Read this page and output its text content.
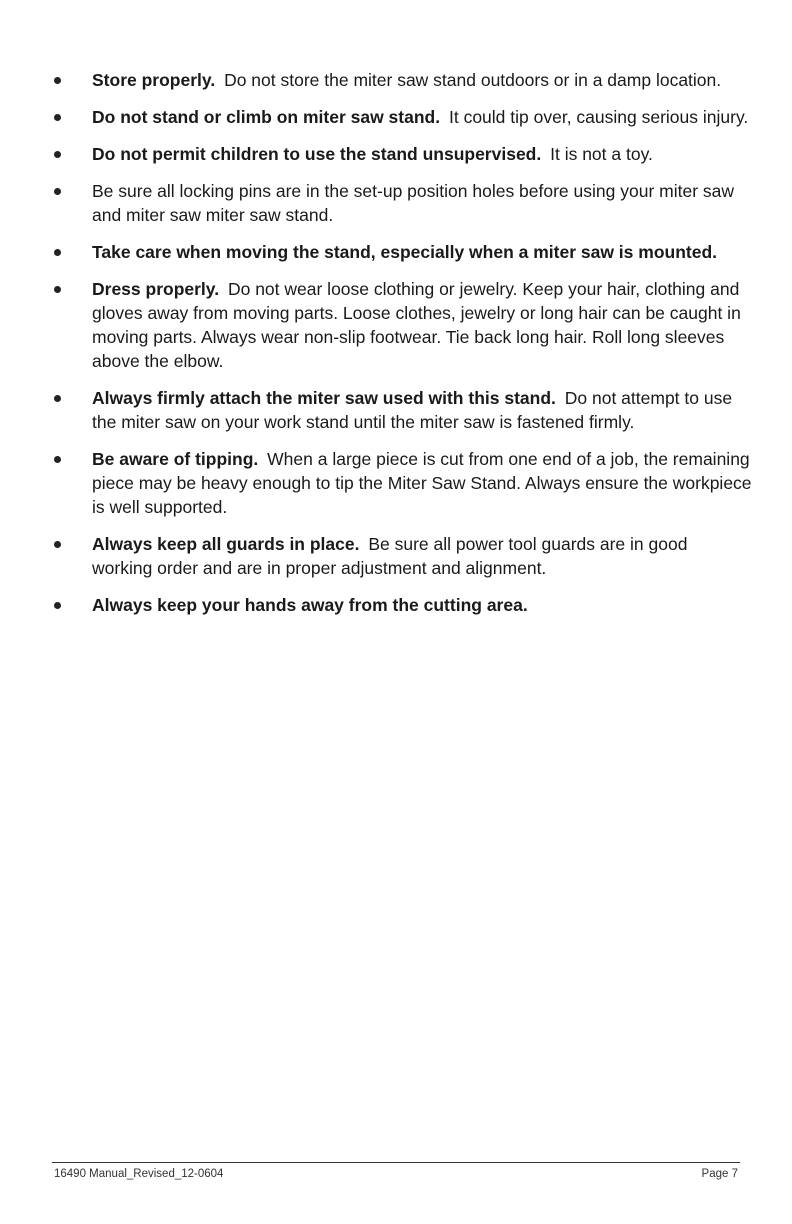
Store properly. Do not store the miter saw stand outdoors or in a damp location.
Do not stand or climb on miter saw stand. It could tip over, causing serious injury.
Do not permit children to use the stand unsupervised. It is not a toy.
Be sure all locking pins are in the set-up position holes before using your miter saw and miter saw miter saw stand.
Take care when moving the stand, especially when a miter saw is mounted.
Dress properly. Do not wear loose clothing or jewelry. Keep your hair, clothing and gloves away from moving parts. Loose clothes, jewelry or long hair can be caught in moving parts. Always wear non-slip footwear. Tie back long hair. Roll long sleeves above the elbow.
Always firmly attach the miter saw used with this stand. Do not attempt to use the miter saw on your work stand until the miter saw is fastened firmly.
Be aware of tipping. When a large piece is cut from one end of a job, the remaining piece may be heavy enough to tip the Miter Saw Stand. Always ensure the workpiece is well supported.
Always keep all guards in place. Be sure all power tool guards are in good working order and are in proper adjustment and alignment.
Always keep your hands away from the cutting area.
16490 Manual_Revised_12-0604	Page 7
